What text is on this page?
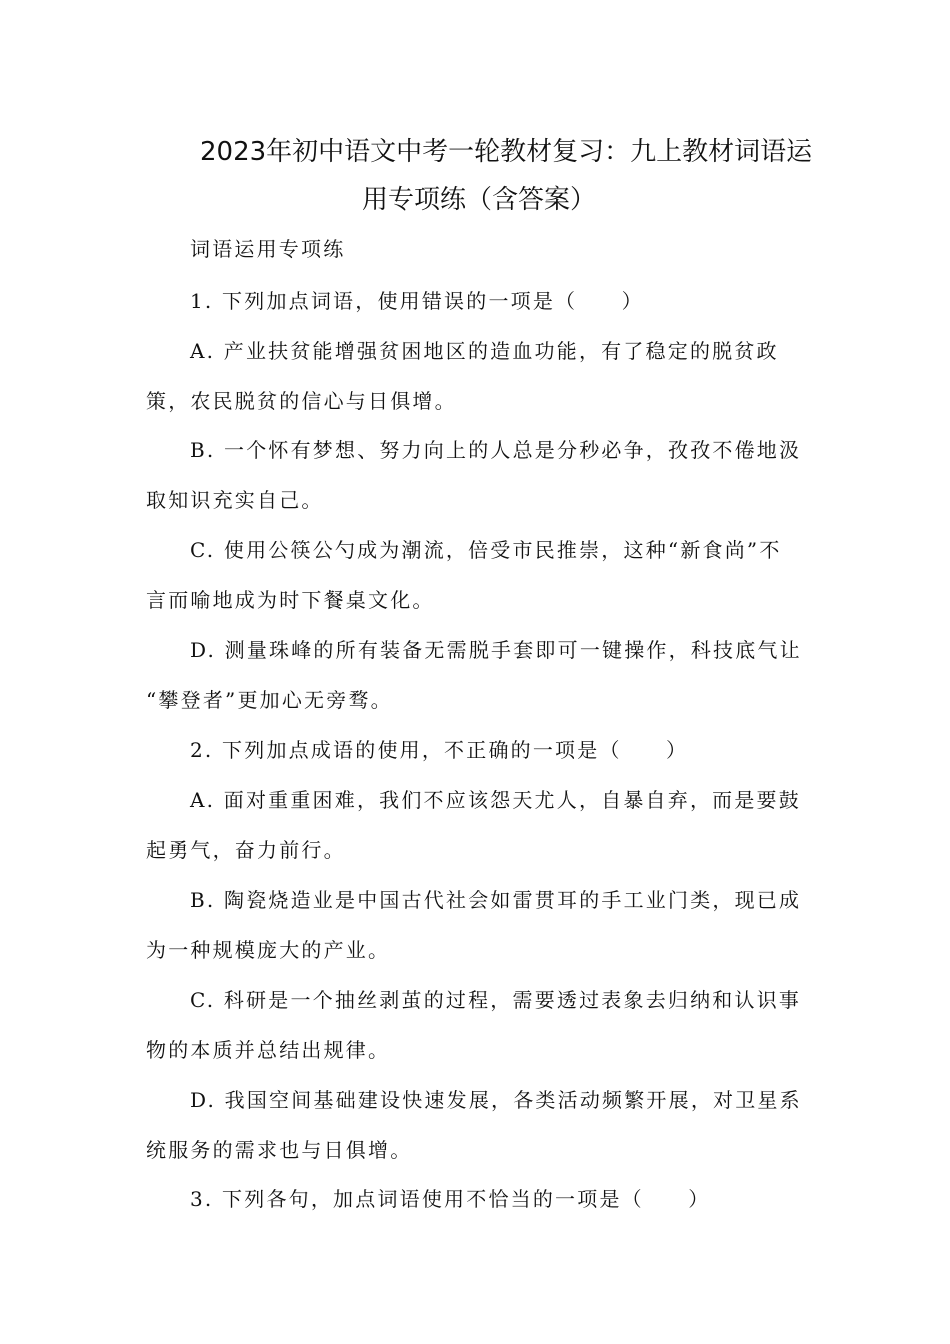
2023年初中语文中考一轮教材复习：九上教材词语运
用专项练（含答案）
词语运用专项练
1. 下列加点词语，使用错误的一项是（　　）
A. 产业扶贫能增强贫困地区的造血功能，有了稳定的脱贫政
策，农民脱贫的信心与日俱增。
B. 一个怀有梦想、努力向上的人总是分秒必争，孜孜不倦地汲
取知识充实自己。
C. 使用公筷公勺成为潮流，倍受市民推崇，这种“新食尚”不
言而喻地成为时下餐桌文化。
D. 测量珠峰的所有装备无需脱手套即可一键操作，科技底气让
“攀登者”更加心无旁骛。
2. 下列加点成语的使用，不正确的一项是（　　）
A. 面对重重困难，我们不应该怨天尤人，自暴自弃，而是要鼓
起勇气，奋力前行。
B. 陶瓷烧造业是中国古代社会如雷贯耳的手工业门类，现已成
为一种规模庞大的产业。
C. 科研是一个抽丝剥茧的过程，需要透过表象去归纳和认识事
物的本质并总结出规律。
D. 我国空间基础建设快速发展，各类活动频繁开展，对卫星系
统服务的需求也与日俱增。
3. 下列各句，加点词语使用不恰当的一项是（　　）
